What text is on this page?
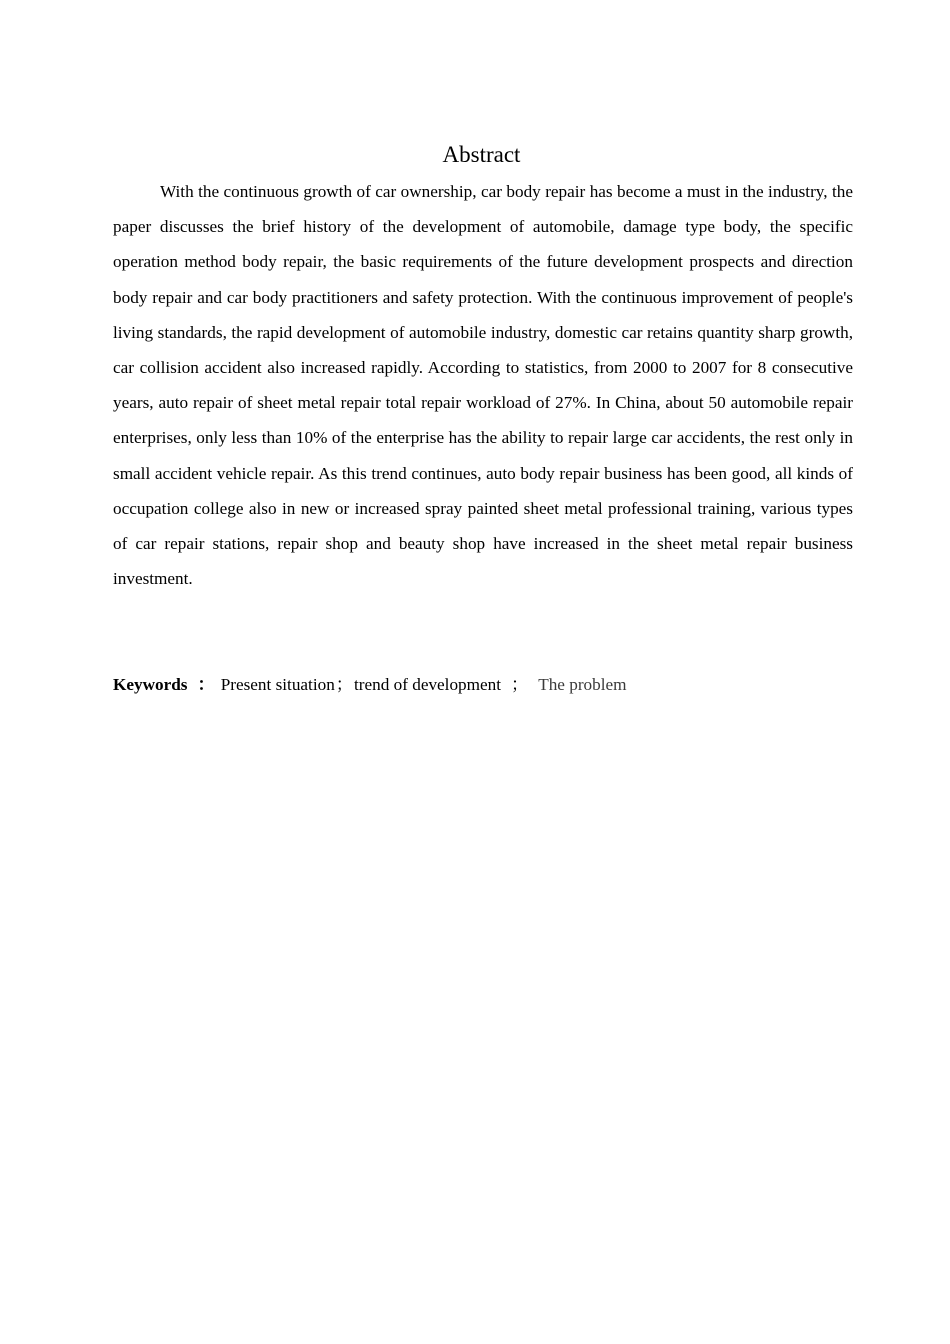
Abstract

With the continuous growth of car ownership, car body repair has become a must in the industry, the paper discusses the brief history of the development of automobile, damage type body, the specific operation method body repair, the basic requirements of the future development prospects and direction body repair and car body practitioners and safety protection. With the continuous improvement of people's living standards, the rapid development of automobile industry, domestic car retains quantity sharp growth, car collision accident also increased rapidly. According to statistics, from 2000 to 2007 for 8 consecutive years, auto repair of sheet metal repair total repair workload of 27%. In China, about 50 automobile repair enterprises, only less than 10% of the enterprise has the ability to repair large car accidents, the rest only in small accident vehicle repair. As this trend continues, auto body repair business has been good, all kinds of occupation college also in new or increased spray painted sheet metal professional training, various types of car repair stations, repair shop and beauty shop have increased in the sheet metal repair business investment.

Keywords ： Present situation；trend of development ； The problem
